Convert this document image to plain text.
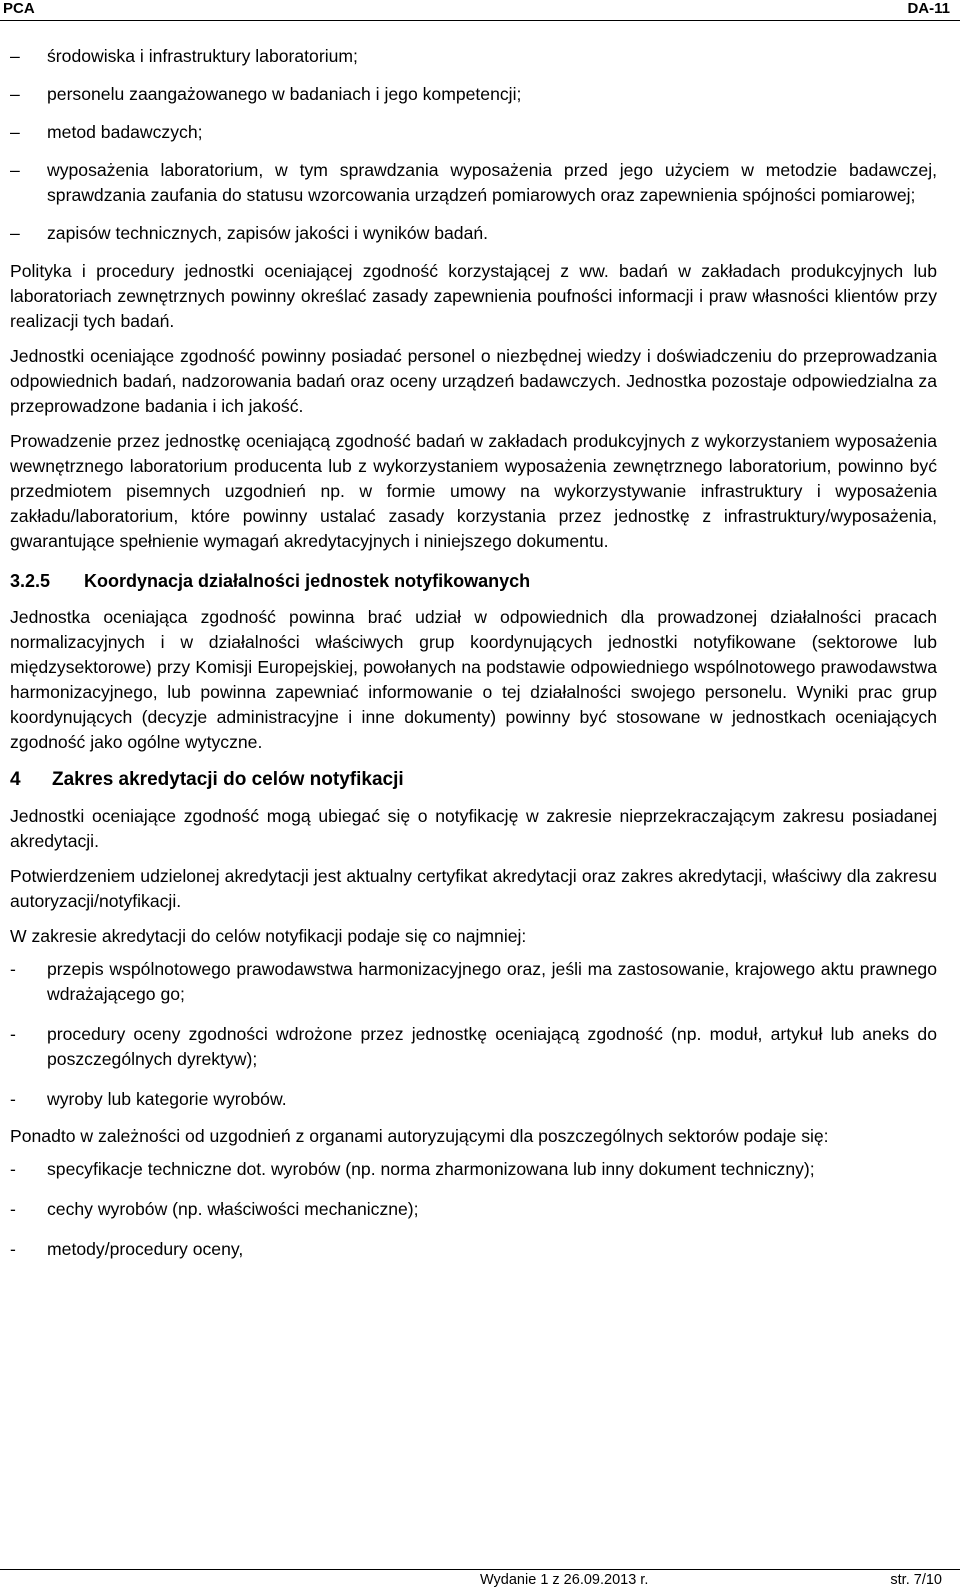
PCA	DA-11
– środowiska i infrastruktury laboratorium;
– personelu zaangażowanego w badaniach i jego kompetencji;
– metod badawczych;
– wyposażenia laboratorium, w tym sprawdzania wyposażenia przed jego użyciem w metodzie badawczej, sprawdzania zaufania do statusu wzorcowania urządzeń pomiarowych oraz zapewnienia spójności pomiarowej;
– zapisów technicznych, zapisów jakości i wyników badań.

Polityka i procedury jednostki oceniającej zgodność korzystającej z ww. badań w zakładach produkcyjnych lub laboratoriach zewnętrznych powinny określać zasady zapewnienia poufności informacji i praw własności klientów przy realizacji tych badań.

Jednostki oceniające zgodność powinny posiadać personel o niezbędnej wiedzy i doświadczeniu do przeprowadzania odpowiednich badań, nadzorowania badań oraz oceny urządzeń badawczych. Jednostka pozostaje odpowiedzialna za przeprowadzone badania i ich jakość.

Prowadzenie przez jednostkę oceniającą zgodność badań w zakładach produkcyjnych z wykorzystaniem wyposażenia wewnętrznego laboratorium producenta lub z wykorzystaniem wyposażenia zewnętrznego laboratorium, powinno być przedmiotem pisemnych uzgodnień np. w formie umowy na wykorzystywanie infrastruktury i wyposażenia zakładu/laboratorium, które powinny ustalać zasady korzystania przez jednostkę z infrastruktury/wyposażenia, gwarantujące spełnienie wymagań akredytacyjnych i niniejszego dokumentu.

3.2.5 Koordynacja działalności jednostek notyfikowanych

Jednostka oceniająca zgodność powinna brać udział w odpowiednich dla prowadzonej działalności pracach normalizacyjnych i w działalności właściwych grup koordynujących jednostki notyfikowane (sektorowe lub międzysektorowe) przy Komisji Europejskiej, powołanych na podstawie odpowiedniego wspólnotowego prawodawstwa harmonizacyjnego, lub powinna zapewniać informowanie o tej działalności swojego personelu. Wyniki prac grup koordynujących (decyzje administracyjne i inne dokumenty) powinny być stosowane w jednostkach oceniających zgodność jako ogólne wytyczne.

4 Zakres akredytacji do celów notyfikacji

Jednostki oceniające zgodność mogą ubiegać się o notyfikację w zakresie nieprzekraczającym zakresu posiadanej akredytacji.

Potwierdzeniem udzielonej akredytacji jest aktualny certyfikat akredytacji oraz zakres akredytacji, właściwy dla zakresu autoryzacji/notyfikacji.

W zakresie akredytacji do celów notyfikacji podaje się co najmniej:

- przepis wspólnotowego prawodawstwa harmonizacyjnego oraz, jeśli ma zastosowanie, krajowego aktu prawnego wdrażającego go;
- procedury oceny zgodności wdrożone przez jednostkę oceniającą zgodność (np. moduł, artykuł lub aneks do poszczególnych dyrektyw);
- wyroby lub kategorie wyrobów.

Ponadto w zależności od uzgodnień z organami autoryzującymi dla poszczególnych sektorów podaje się:

- specyfikacje techniczne dot. wyrobów (np. norma zharmonizowana lub inny dokument techniczny);
- cechy wyrobów (np. właściwości mechaniczne);
- metody/procedury oceny,
Wydanie 1 z 26.09.2013 r.	str. 7/10
